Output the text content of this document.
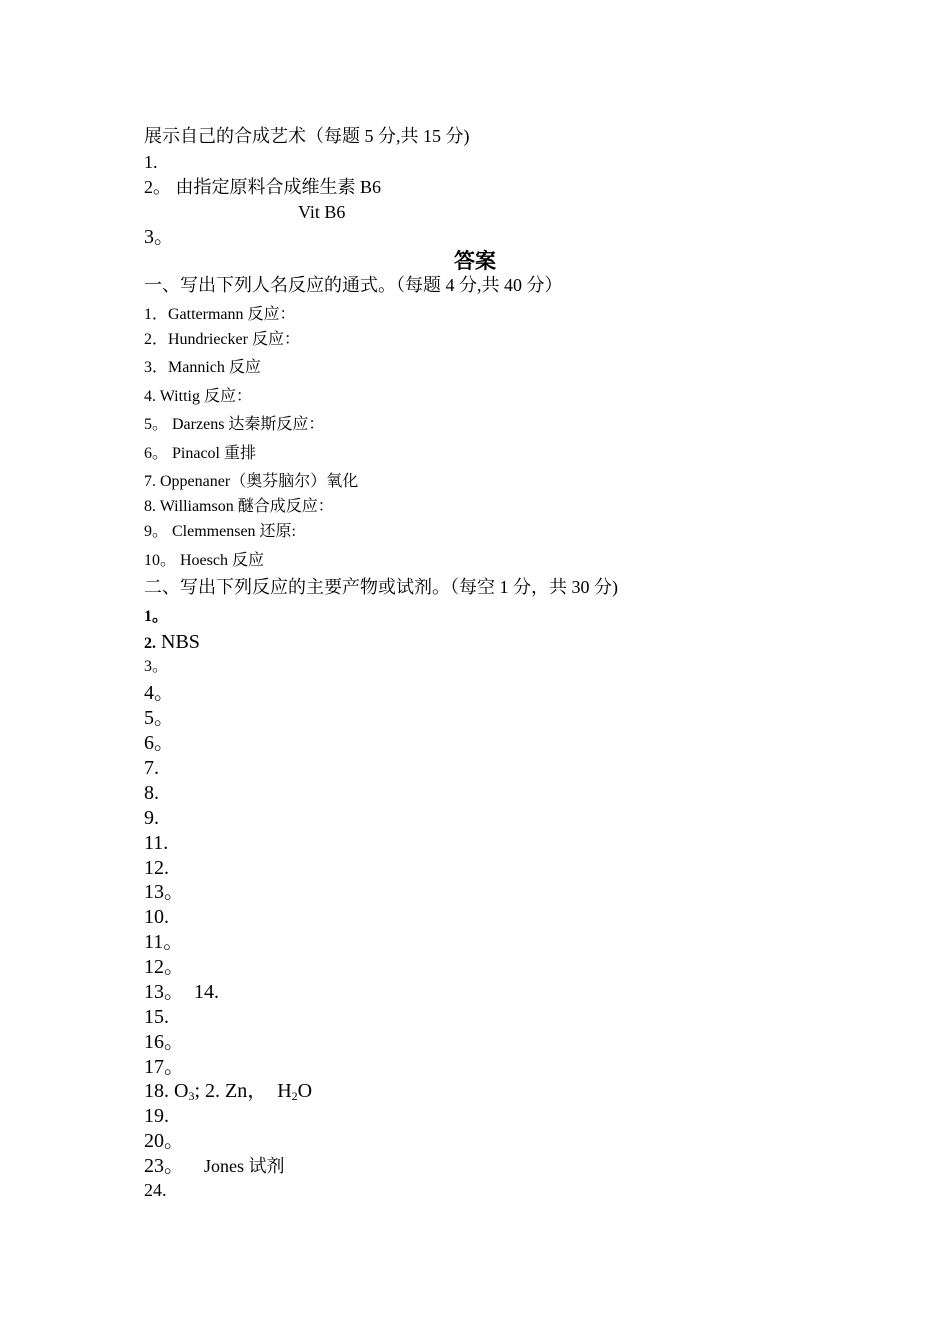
展示自己的合成艺术（每题 5 分,共 15 分)
1.
2。 由指定原料合成维生素 B6
Vit B6
3。
答案
一、写出下列人名反应的通式。（每题 4 分,共 40 分）
1．Gattermann 反应：
2．Hundriecker 反应：
3．Mannich 反应
4. Wittig 反应：
5。 Darzens 达秦斯反应：
6。 Pinacol 重排
7. Oppenaner（奥芬脑尔）氧化
8. Williamson 醚合成反应：
9。 Clemmensen 还原:
10。 Hoesch 反应
二、写出下列反应的主要产物或试剂。（每空 1 分，共 30 分)
1。
2. NBS
3。
4。
5。
6。
7.
8.
9.
11.
12.
13。
10.
11。
12。
13。  14.
15.
16。
17。
18. $O_3$; 2. Zn，  $H_2O$
19.
20。
23。 Jones 试剂
24.
